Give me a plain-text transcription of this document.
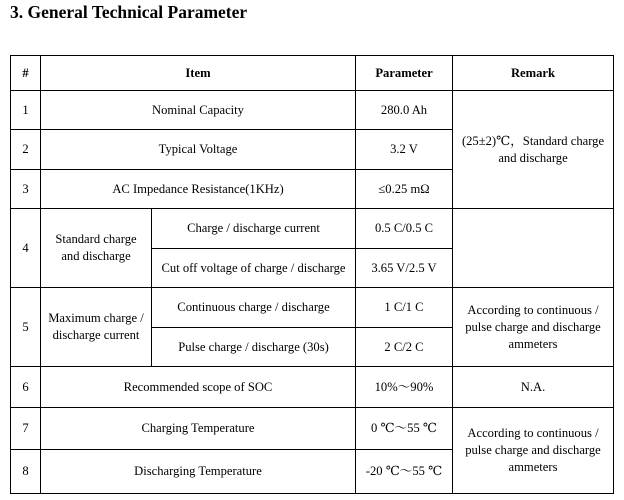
3. General Technical Parameter
#	Item		Parameter	Remark
1	Nominal Capacity		280.0 Ah	(25±2)℃，Standard charge and discharge
2	Typical Voltage		3.2 V	
3	AC Impedance Resistance(1KHz)		≤0.25 mΩ	
4	Standard charge and discharge	Charge / discharge current	0.5 C/0.5 C	
		Cut off voltage of charge / discharge	3.65 V/2.5 V	
5	Maximum charge / discharge current	Continuous charge / discharge	1 C/1 C	According to continuous / pulse charge and discharge ammeters
		Pulse charge / discharge (30s)	2 C/2 C	
6	Recommended scope of SOC		10%～90%	N.A.
7	Charging Temperature		0 ℃～55 ℃	According to continuous / pulse charge and discharge ammeters
8	Discharging Temperature		-20 ℃～55 ℃	
